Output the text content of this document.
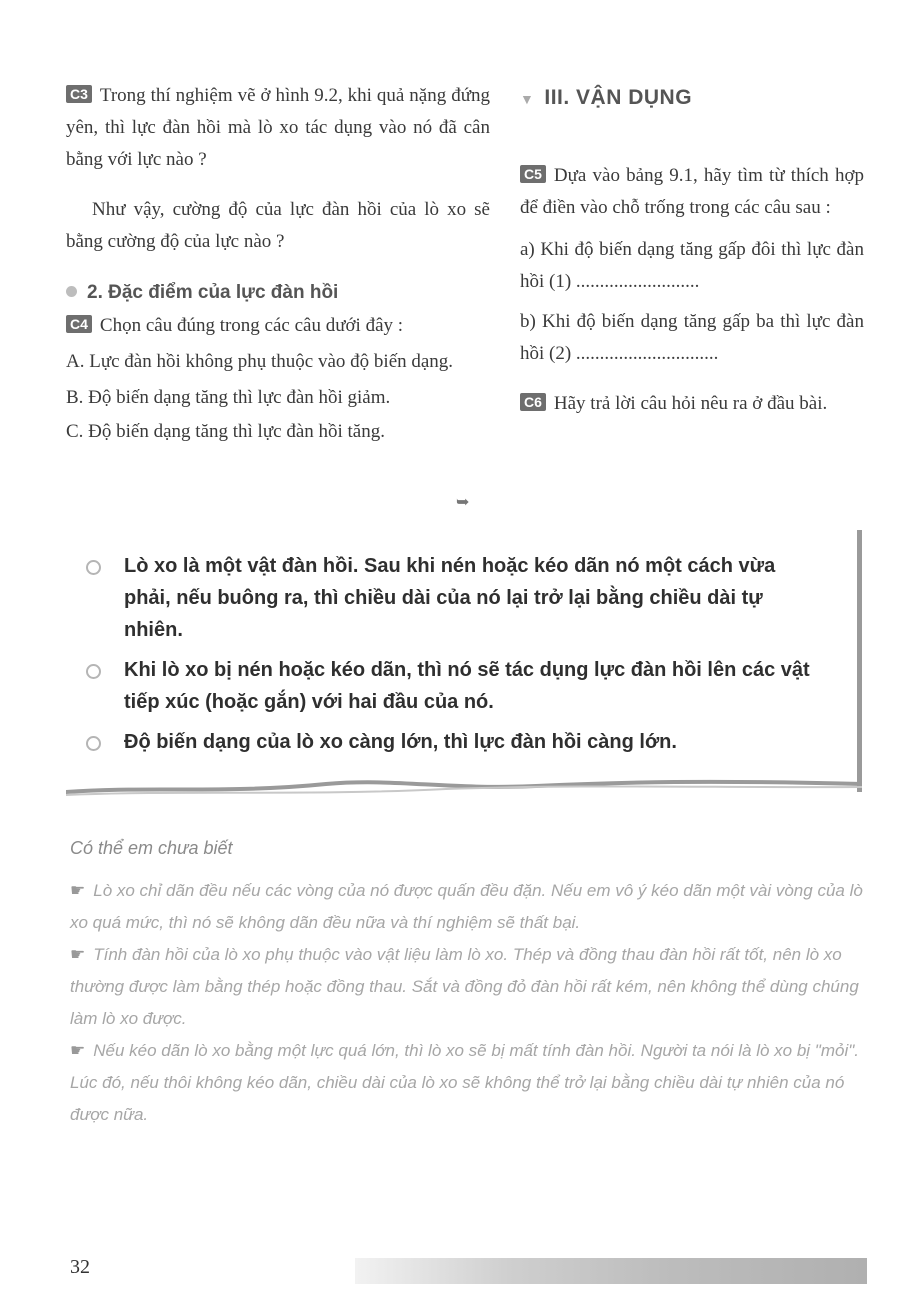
C3 Trong thí nghiệm vẽ ở hình 9.2, khi quả nặng đứng yên, thì lực đàn hồi mà lò xo tác dụng vào nó đã cân bằng với lực nào ?

Như vậy, cường độ của lực đàn hồi của lò xo sẽ bằng cường độ của lực nào ?

2. Đặc điểm của lực đàn hồi

C4 Chọn câu đúng trong các câu dưới đây :

A. Lực đàn hồi không phụ thuộc vào độ biến dạng.

B. Độ biến dạng tăng thì lực đàn hồi giảm.

C. Độ biến dạng tăng thì lực đàn hồi tăng.

➥

▼ III. VẬN DỤNG

C5 Dựa vào bảng 9.1, hãy tìm từ thích hợp để điền vào chỗ trống trong các câu sau :

a) Khi độ biến dạng tăng gấp đôi thì lực đàn hồi (1) ..........................

b) Khi độ biến dạng tăng gấp ba thì lực đàn hồi (2) ..............................

C6 Hãy trả lời câu hỏi nêu ra ở đầu bài.

Lò xo là một vật đàn hồi. Sau khi nén hoặc kéo dãn nó một cách vừa phải, nếu buông ra, thì chiều dài của nó lại trở lại bằng chiều dài tự nhiên.
Khi lò xo bị nén hoặc kéo dãn, thì nó sẽ tác dụng lực đàn hồi lên các vật tiếp xúc (hoặc gắn) với hai đầu của nó.
Độ biến dạng của lò xo càng lớn, thì lực đàn hồi càng lớn.
Có thể em chưa biết

☛ Lò xo chỉ dãn đều nếu các vòng của nó được quấn đều đặn. Nếu em vô ý kéo dãn một vài vòng của lò xo quá mức, thì nó sẽ không dãn đều nữa và thí nghiệm sẽ thất bại.

☛ Tính đàn hồi của lò xo phụ thuộc vào vật liệu làm lò xo. Thép và đồng thau đàn hồi rất tốt, nên lò xo thường được làm bằng thép hoặc đồng thau. Sắt và đồng đỏ đàn hồi rất kém, nên không thể dùng chúng làm lò xo được.

☛ Nếu kéo dãn lò xo bằng một lực quá lớn, thì lò xo sẽ bị mất tính đàn hồi. Người ta nói là lò xo bị "mỏi". Lúc đó, nếu thôi không kéo dãn, chiều dài của lò xo sẽ không thể trở lại bằng chiều dài tự nhiên của nó được nữa.

32
